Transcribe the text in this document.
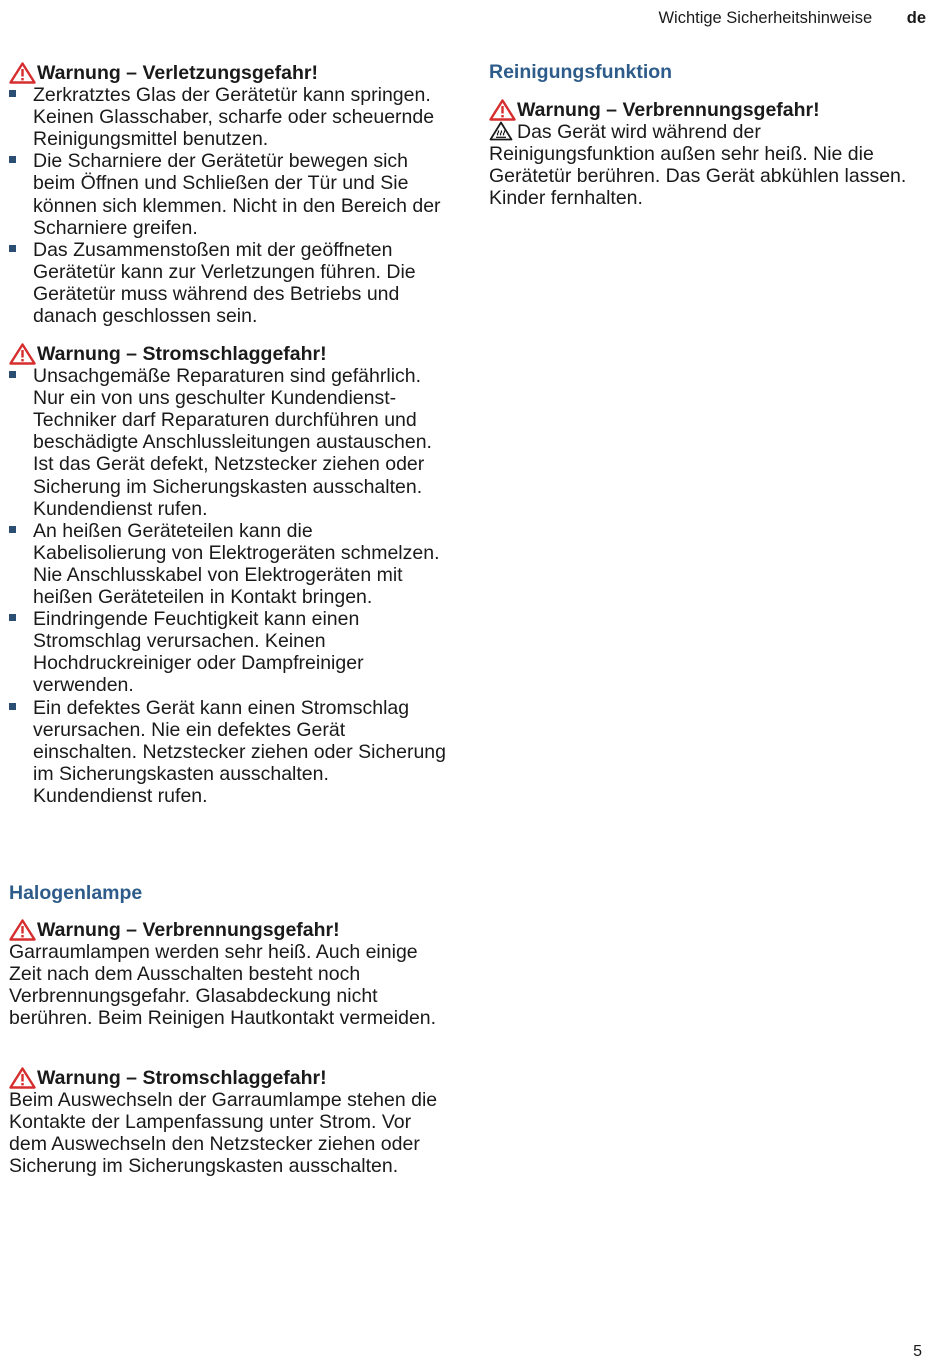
Wichtige Sicherheitshinweise de
Warnung – Verletzungsgefahr!
Zerkratztes Glas der Gerätetür kann springen. Keinen Glasschaber, scharfe oder scheuernde Reinigungsmittel benutzen.
Die Scharniere der Gerätetür bewegen sich beim Öffnen und Schließen der Tür und Sie können sich klemmen. Nicht in den Bereich der Scharniere greifen.
Das Zusammenstoßen mit der geöffneten Gerätetür kann zur Verletzungen führen. Die Gerätetür muss während des Betriebs und danach geschlossen sein.
Warnung – Stromschlaggefahr!
Unsachgemäße Reparaturen sind gefährlich. Nur ein von uns geschulter Kundendienst-Techniker darf Reparaturen durchführen und beschädigte Anschlussleitungen austauschen. Ist das Gerät defekt, Netzstecker ziehen oder Sicherung im Sicherungskasten ausschalten. Kundendienst rufen.
An heißen Geräteteilen kann die Kabelisolierung von Elektrogeräten schmelzen. Nie Anschlusskabel von Elektrogeräten mit heißen Geräteteilen in Kontakt bringen.
Eindringende Feuchtigkeit kann einen Stromschlag verursachen. Keinen Hochdruckreiniger oder Dampfreiniger verwenden.
Ein defektes Gerät kann einen Stromschlag verursachen. Nie ein defektes Gerät einschalten. Netzstecker ziehen oder Sicherung im Sicherungskasten ausschalten. Kundendienst rufen.
Halogenlampe
Warnung – Verbrennungsgefahr!
Garraumlampen werden sehr heiß. Auch einige Zeit nach dem Ausschalten besteht noch Verbrennungsgefahr. Glasabdeckung nicht berühren. Beim Reinigen Hautkontakt vermeiden.
Warnung – Stromschlaggefahr!
Beim Auswechseln der Garraumlampe stehen die Kontakte der Lampenfassung unter Strom. Vor dem Auswechseln den Netzstecker ziehen oder Sicherung im Sicherungskasten ausschalten.
Reinigungsfunktion
Warnung – Verbrennungsgefahr!
Das Gerät wird während der Reinigungsfunktion außen sehr heiß. Nie die Gerätetür berühren. Das Gerät abkühlen lassen. Kinder fernhalten.
5
